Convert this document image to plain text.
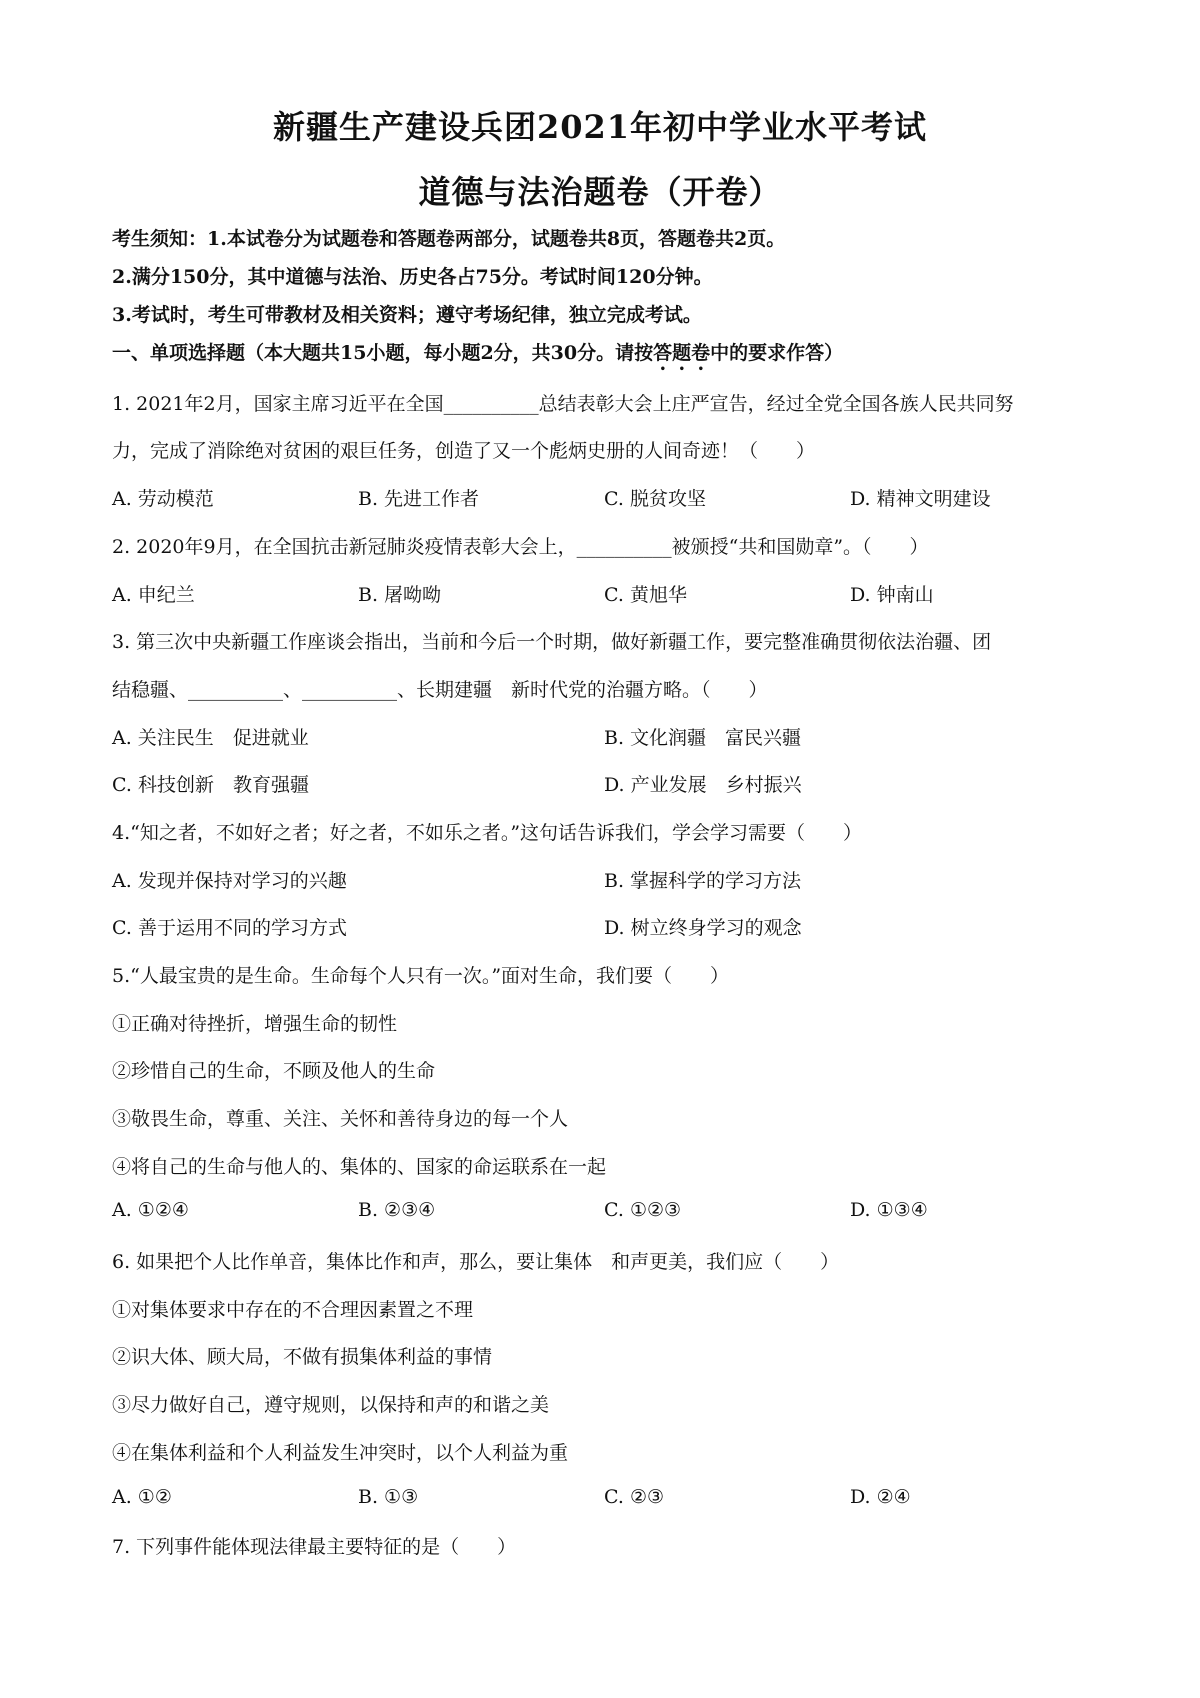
新疆生产建设兵团2021年初中学业水平考试
道德与法治题卷（开卷）
考生须知：1.本试卷分为试题卷和答题卷两部分，试题卷共8页，答题卷共2页。
2.满分150分，其中道德与法治、历史各占75分。考试时间120分钟。
3.考试时，考生可带教材及相关资料；遵守考场纪律，独立完成考试。
一、单项选择题（本大题共15小题，每小题2分，共30分。请按答题卷中的要求作答）
1. 2021年2月，国家主席习近平在全国__________总结表彰大会上庄严宣告，经过全党全国各族人民共同努
力，完成了消除绝对贫困的艰巨任务，创造了又一个彪炳史册的人间奇迹！（　　）
A. 劳动模范	B. 先进工作者	C. 脱贫攻坚	D. 精神文明建设
2. 2020年9月，在全国抗击新冠肺炎疫情表彰大会上，__________被颁授“共和国勋章”。（　　）
A. 申纪兰	B. 屠呦呦	C. 黄旭华	D. 钟南山
3. 第三次中央新疆工作座谈会指出，当前和今后一个时期，做好新疆工作，要完整准确贯彻依法治疆、团
结稳疆、__________、__________、长期建疆　新时代党的治疆方略。（　　）
A. 关注民生　促进就业	B. 文化润疆　富民兴疆
C. 科技创新　教育强疆	D. 产业发展　乡村振兴
4.“知之者，不如好之者；好之者，不如乐之者。”这句话告诉我们，学会学习需要（　　）
A. 发现并保持对学习的兴趣	B. 掌握科学的学习方法
C. 善于运用不同的学习方式	D. 树立终身学习的观念
5.“人最宝贵的是生命。生命每个人只有一次。”面对生命，我们要（　　）
①正确对待挫折，增强生命的韧性
②珍惜自己的生命，不顾及他人的生命
③敬畏生命，尊重、关注、关怀和善待身边的每一个人
④将自己的生命与他人的、集体的、国家的命运联系在一起
A. ①②④	B. ②③④	C. ①②③	D. ①③④
6. 如果把个人比作单音，集体比作和声，那么，要让集体　和声更美，我们应（　　）
①对集体要求中存在的不合理因素置之不理
②识大体、顾大局，不做有损集体利益的事情
③尽力做好自己，遵守规则，以保持和声的和谐之美
④在集体利益和个人利益发生冲突时，以个人利益为重
A. ①②	B. ①③	C. ②③	D. ②④
7. 下列事件能体现法律最主要特征的是（　　）
